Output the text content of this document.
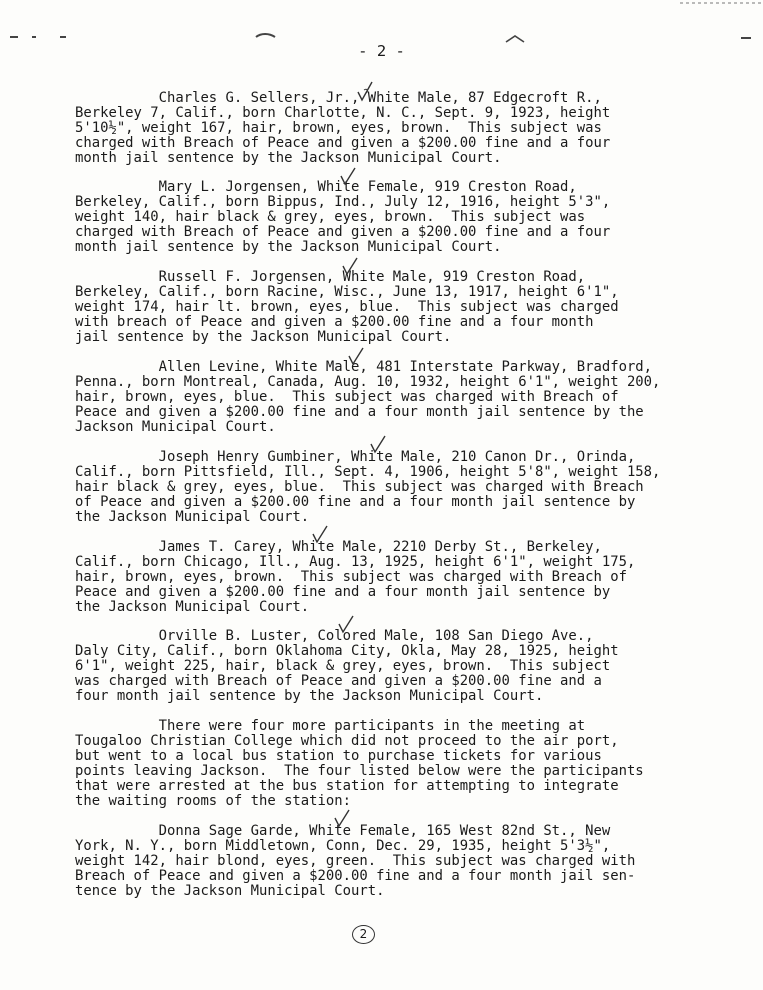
- 2 -
Charles G. Sellers, Jr., White Male, 87 Edgecroft R.,
Berkeley 7, Calif., born Charlotte, N. C., Sept. 9, 1923, height
5'10½", weight 167, hair, brown, eyes, brown.  This subject was
charged with Breach of Peace and given a $200.00 fine and a four
month jail sentence by the Jackson Municipal Court.
Mary L. Jorgensen, White Female, 919 Creston Road,
Berkeley, Calif., born Bippus, Ind., July 12, 1916, height 5'3",
weight 140, hair black & grey, eyes, brown.  This subject was
charged with Breach of Peace and given a $200.00 fine and a four
month jail sentence by the Jackson Municipal Court.
Russell F. Jorgensen, White Male, 919 Creston Road,
Berkeley, Calif., born Racine, Wisc., June 13, 1917, height 6'1",
weight 174, hair lt. brown, eyes, blue.  This subject was charged
with breach of Peace and given a $200.00 fine and a four month
jail sentence by the Jackson Municipal Court.
Allen Levine, White Male, 481 Interstate Parkway, Bradford,
Penna., born Montreal, Canada, Aug. 10, 1932, height 6'1", weight 200,
hair, brown, eyes, blue.  This subject was charged with Breach of
Peace and given a $200.00 fine and a four month jail sentence by the
Jackson Municipal Court.
Joseph Henry Gumbiner, White Male, 210 Canon Dr., Orinda,
Calif., born Pittsfield, Ill., Sept. 4, 1906, height 5'8", weight 158,
hair black & grey, eyes, blue.  This subject was charged with Breach
of Peace and given a $200.00 fine and a four month jail sentence by
the Jackson Municipal Court.
James T. Carey, White Male, 2210 Derby St., Berkeley,
Calif., born Chicago, Ill., Aug. 13, 1925, height 6'1", weight 175,
hair, brown, eyes, brown.  This subject was charged with Breach of
Peace and given a $200.00 fine and a four month jail sentence by
the Jackson Municipal Court.
Orville B. Luster, Colored Male, 108 San Diego Ave.,
Daly City, Calif., born Oklahoma City, Okla, May 28, 1925, height
6'1", weight 225, hair, black & grey, eyes, brown.  This subject
was charged with Breach of Peace and given a $200.00 fine and a
four month jail sentence by the Jackson Municipal Court.
There were four more participants in the meeting at
Tougaloo Christian College which did not proceed to the air port,
but went to a local bus station to purchase tickets for various
points leaving Jackson.  The four listed below were the participants
that were arrested at the bus station for attempting to integrate
the waiting rooms of the station:
Donna Sage Garde, White Female, 165 West 82nd St., New
York, N. Y., born Middletown, Conn, Dec. 29, 1935, height 5'3½",
weight 142, hair blond, eyes, green.  This subject was charged with
Breach of Peace and given a $200.00 fine and a four month jail sen-
tence by the Jackson Municipal Court.
2
